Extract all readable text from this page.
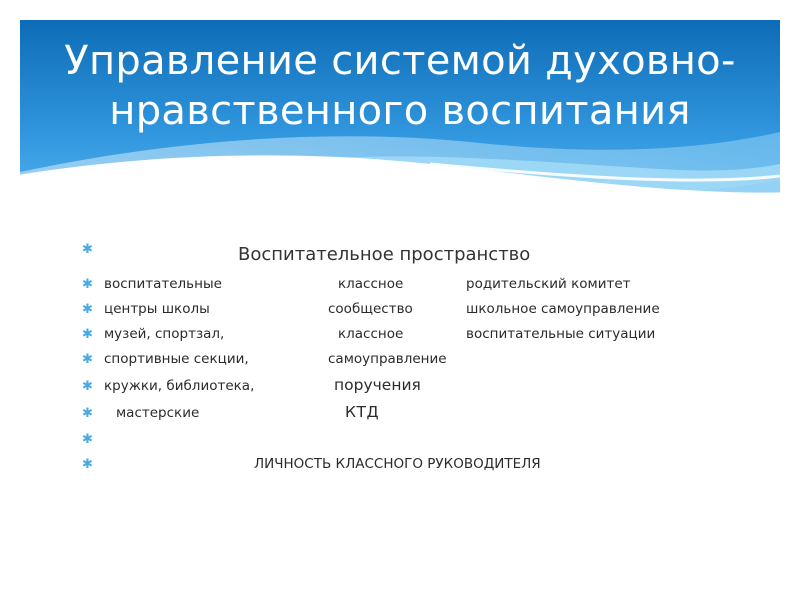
Управление системой духовно-
нравственного воспитания
✱	Воспитательное пространство
✱ воспитательные	классное	родительский комитет
✱ центры школы	сообщество	школьное самоуправление
✱ музей, спортзал,	классное	воспитательные ситуации
✱ спортивные секции,	самоуправление
✱ кружки, библиотека,	поручения
✱ мастерские	КТД
✱
✱	ЛИЧНОСТЬ КЛАССНОГО РУКОВОДИТЕЛЯ
